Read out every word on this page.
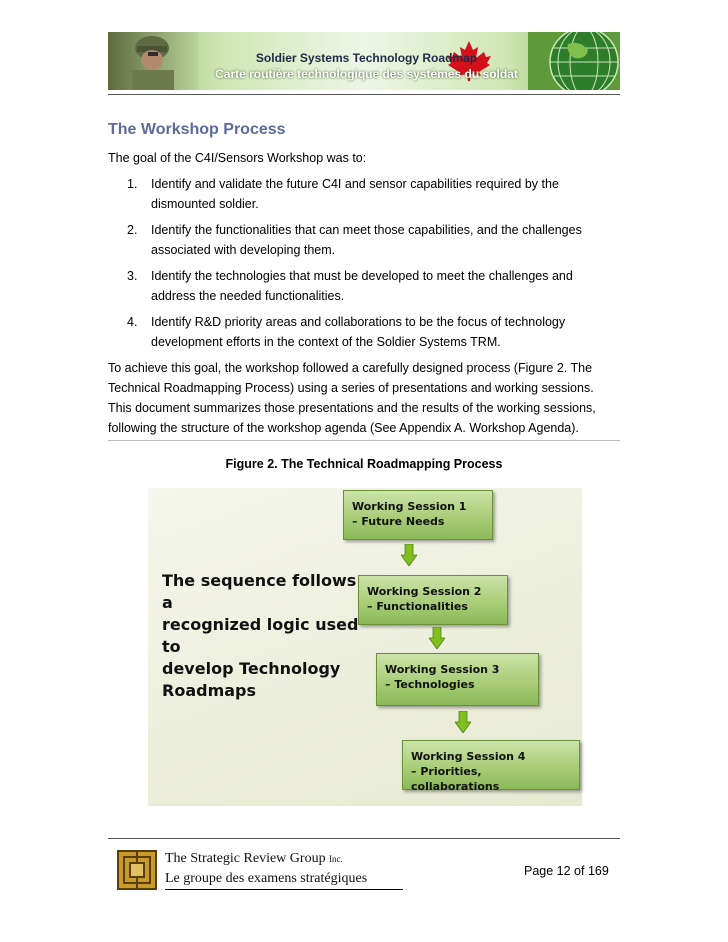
Soldier Systems Technology Roadmap
Carte routière technologique des systèmes du soldat
The Workshop Process

The goal of the C4I/Sensors Workshop was to:

1. Identify and validate the future C4I and sensor capabilities required by the
dismounted soldier.
2. Identify the functionalities that can meet those capabilities, and the challenges
associated with developing them.
3. Identify the technologies that must be developed to meet the challenges and
address the needed functionalities.
4. Identify R&D priority areas and collaborations to be the focus of technology
development efforts in the context of the Soldier Systems TRM.

To achieve this goal, the workshop followed a carefully designed process (Figure 2. The
Technical Roadmapping Process) using a series of presentations and working sessions.
This document summarizes those presentations and the results of the working sessions,
following the structure of the workshop agenda (See Appendix A. Workshop Agenda).

Figure 2. The Technical Roadmapping Process
The sequence follows a
recognized logic used to
develop Technology
Roadmaps
Working Session 1
– Future Needs
Working Session 2
– Functionalities
Working Session 3
– Technologies
Working Session 4
– Priorities, collaborations
The Strategic Review Group Inc.
Le groupe des examens stratégiques	Page 12 of 169
